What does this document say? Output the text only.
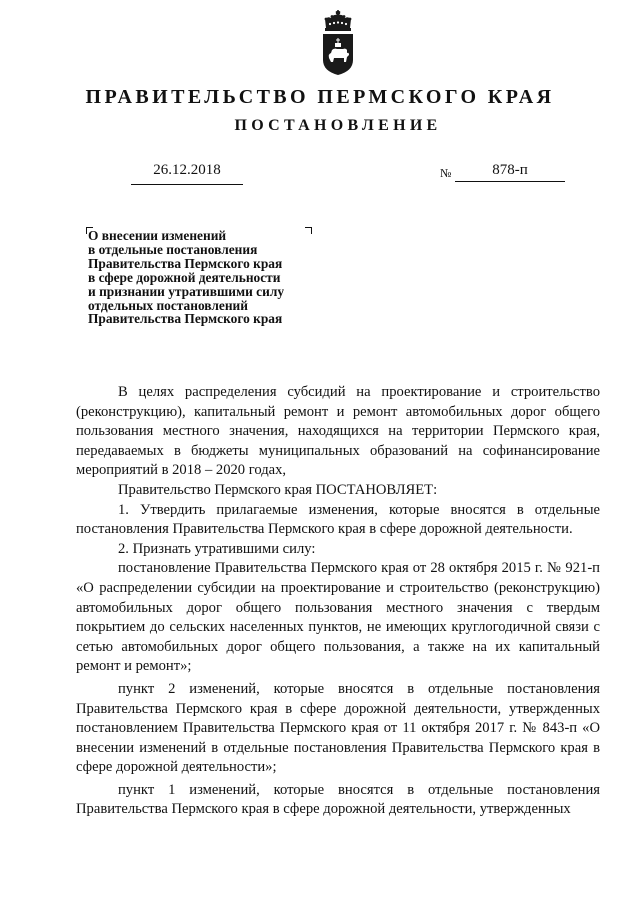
ПРАВИТЕЛЬСТВО ПЕРМСКОГО КРАЯ
ПОСТАНОВЛЕНИЕ
26.12.2018	№	878-п
О внесении изменений
в отдельные постановления
Правительства Пермского края
в сфере дорожной деятельности
и признании утратившими силу
отдельных постановлений
Правительства Пермского края

В целях распределения субсидий на проектирование и строительство (реконструкцию), капитальный ремонт и ремонт автомобильных дорог общего пользования местного значения, находящихся на территории Пермского края, передаваемых в бюджеты муниципальных образований на софинансирование мероприятий в 2018 – 2020 годах,

Правительство Пермского края ПОСТАНОВЛЯЕТ:

1. Утвердить прилагаемые изменения, которые вносятся в отдельные постановления Правительства Пермского края в сфере дорожной деятельности.

2. Признать утратившими силу:

постановление Правительства Пермского края от 28 октября 2015 г. № 921-п «О распределении субсидии на проектирование и строительство (реконструкцию) автомобильных дорог общего пользования местного значения с твердым покрытием до сельских населенных пунктов, не имеющих круглогодичной связи с сетью автомобильных дорог общего пользования, а также на их капитальный ремонт и ремонт»;

пункт 2 изменений, которые вносятся в отдельные постановления Правительства Пермского края в сфере дорожной деятельности, утвержденных постановлением Правительства Пермского края от 11 октября 2017 г. № 843-п «О внесении изменений в отдельные постановления Правительства Пермского края в сфере дорожной деятельности»;

пункт 1 изменений, которые вносятся в отдельные постановления Правительства Пермского края в сфере дорожной деятельности, утвержденных
